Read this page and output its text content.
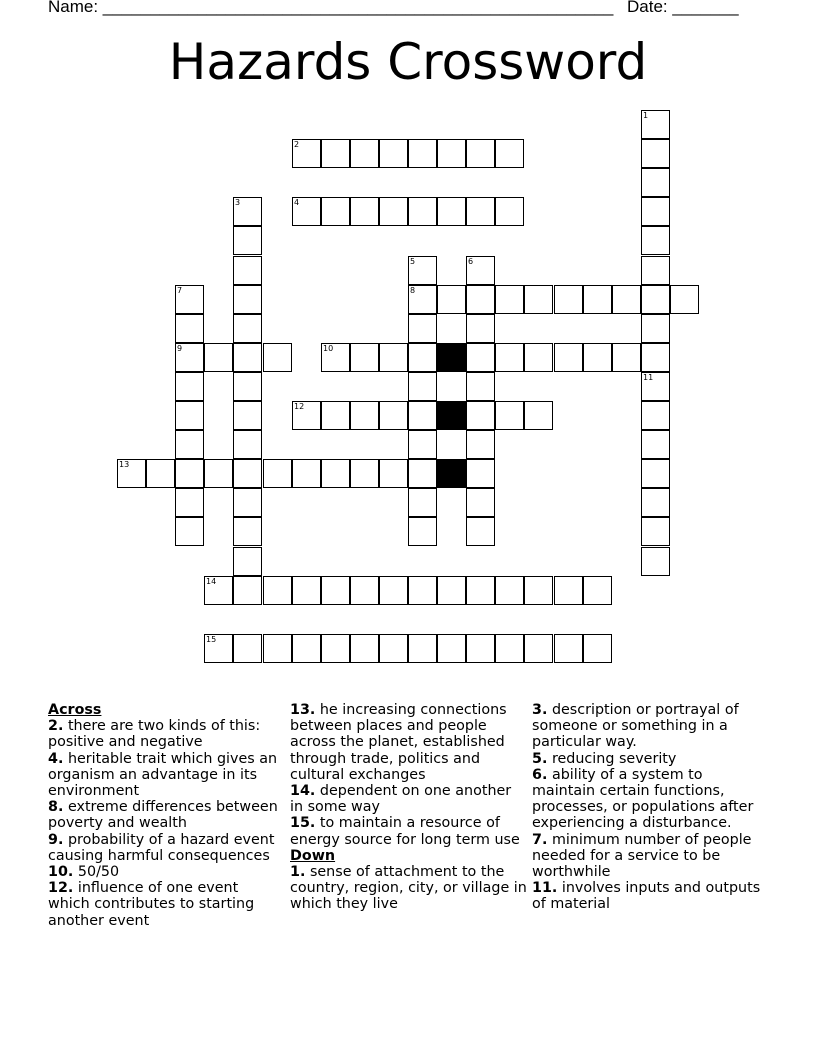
Name: ______________________________________________________ Date: _______
Hazards Crossword
1
2
3	4
5
8
6
7
9	10
11
12
13
14
15
Across
2. there are two kinds of this: positive and negative
4. heritable trait which gives an organism an advantage in its environment
8. extreme differences between poverty and wealth
9. probability of a hazard event causing harmful consequences
10. 50/50
12. influence of one event which contributes to starting another event
13. he increasing connections between places and people across the planet, established through trade, politics and cultural exchanges
14. dependent on one another in some way
15. to maintain a resource of energy source for long term use
Down
1. sense of attachment to the country, region, city, or village in which they live
3. description or portrayal of someone or something in a particular way.
5. reducing severity
6. ability of a system to maintain certain functions, processes, or populations after experiencing a disturbance.
7. minimum number of people needed for a service to be worthwhile
11. involves inputs and outputs of material
